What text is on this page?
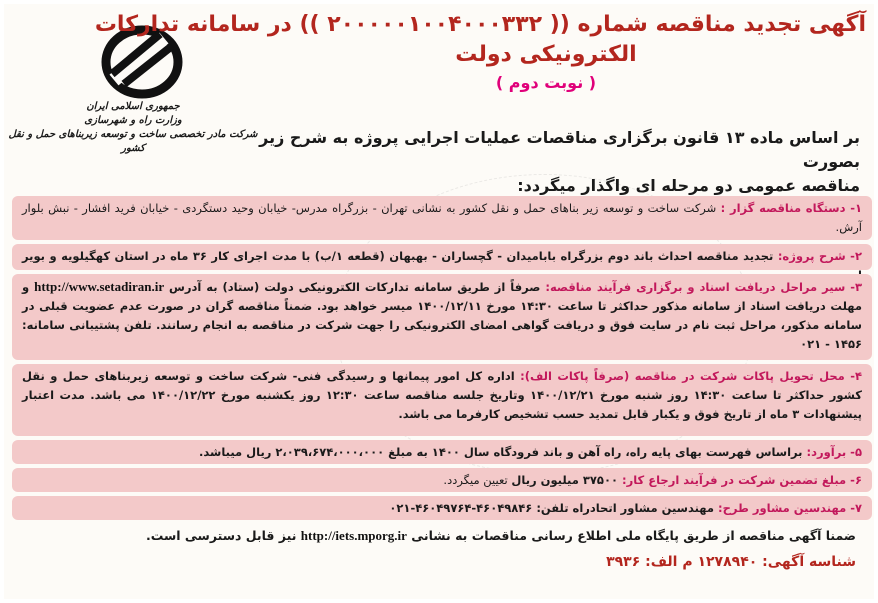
جمهوری اسلامی ایران
وزارت راه و شهرسازی
شرکت مادر تخصصی ساخت و توسعه زیربناهای حمل و نقل کشور
آگهی تجدید مناقصه شماره (( ۲۰۰۰۰۰۱۰۰۴۰۰۰۳۳۲ )) در سامانه تدارکات
الکترونیکی دولت
( نوبت دوم )
بر اساس ماده ۱۳ قانون برگزاری مناقصات عملیات اجرایی پروژه به شرح زیر بصورت
مناقصه عمومی دو مرحله ای واگذار میگردد:
۱- دستگاه مناقصه گزار : شرکت ساخت و توسعه زیر بناهای حمل و نقل کشور به نشانی تهران - بزرگراه مدرس- خیابان وحید دستگردی - خیابان فرید افشار - نبش بلوار آرش.
۲- شرح پروژه: تجدید مناقصه احداث باند دوم بزرگراه بابامیدان - گچساران - بهبهان (قطعه ۱/ب) با مدت اجرای کار ۳۶ ماه در استان کهگیلویه و بویر
۳- سیر مراحل دریافت اسناد و برگزاری فرآیند مناقصه: صرفاً از طریق سامانه تدارکات الکترونیکی دولت (ستاد) به آدرس http://www.setadiran.ir و مهلت دریافت اسناد از سامانه مذکور حداکثر تا ساعت ۱۴:۳۰ مورخ ۱۴۰۰/۱۲/۱۱ میسر خواهد بود. ضمناً مناقصه گران در صورت عدم عضویت قبلی در سامانه مذکور، مراحل ثبت نام در سایت فوق و دریافت گواهی امضای الکترونیکی را جهت شرکت در مناقصه به انجام رسانند. تلفن پشتیبانی سامانه: ۱۴۵۶ - ۰۲۱
۴- محل تحویل پاکات شرکت در مناقصه (صرفاً پاکات الف): اداره کل امور پیمانها و رسیدگی فنی- شرکت ساخت و توسعه زیربناهای حمل و نقل کشور حداکثر تا ساعت ۱۴:۳۰ روز شنبه مورخ ۱۴۰۰/۱۲/۲۱ وتاریخ جلسه مناقصه ساعت ۱۲:۳۰ روز یکشنبه مورخ ۱۴۰۰/۱۲/۲۲ می باشد. مدت اعتبار پیشنهادات ۳ ماه از تاریخ فوق و یکبار قابل تمدید حسب تشخیص کارفرما می باشد.
۵- برآورد: براساس فهرست بهای پایه راه، راه آهن و باند فرودگاه سال ۱۴۰۰ به مبلغ ۲،۰۳۹،۶۷۴،۰۰۰،۰۰۰ ریال میباشد.
۶- مبلغ تضمین شرکت در فرآیند ارجاع کار: ۳۷۵۰۰ میلیون ریال تعیین میگردد.
۷- مهندسین مشاور طرح: مهندسین مشاور اتحادراه تلفن: ۴۶۰۴۹۸۴۶-۴۶۰۴۹۷۶۴-۰۲۱
ضمنا آگهی مناقصه از طریق پایگاه ملی اطلاع رسانی مناقصات به نشانی http://iets.mporg.ir نیز قابل دسترسی است.
شناسه آگهی: ۱۲۷۸۹۴۰ م الف: ۳۹۳۶
